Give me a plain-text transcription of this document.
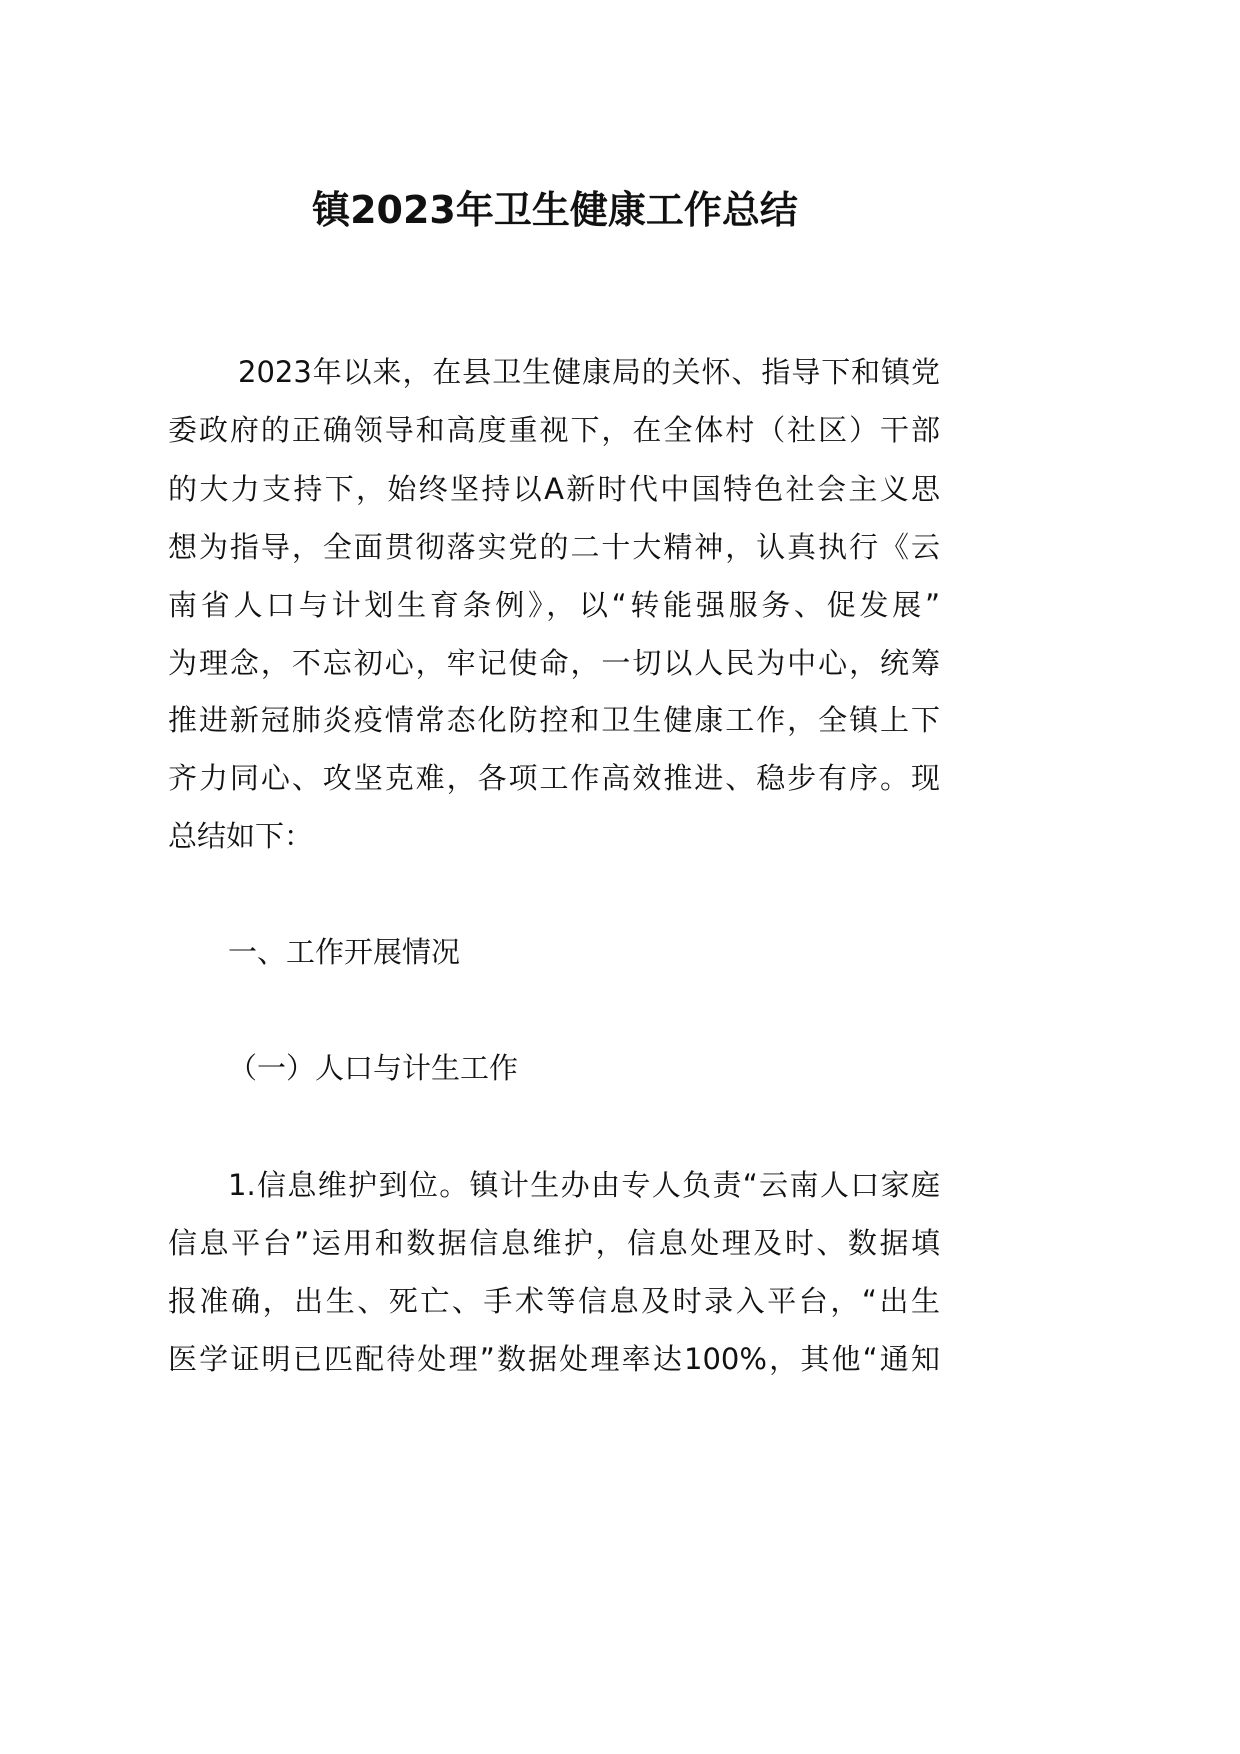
镇2023年卫生健康工作总结
2023年以来，在县卫生健康局的关怀、指导下和镇党
委政府的正确领导和高度重视下，在全体村（社区）干部
的大力支持下，始终坚持以A新时代中国特色社会主义思
想为指导，全面贯彻落实党的二十大精神，认真执行《云
南省人口与计划生育条例》，以“转能强服务、促发展”
为理念，不忘初心，牢记使命，一切以人民为中心，统筹
推进新冠肺炎疫情常态化防控和卫生健康工作，全镇上下
齐力同心、攻坚克难，各项工作高效推进、稳步有序。现
总结如下：
一、工作开展情况
（一）人口与计生工作
1.信息维护到位。镇计生办由专人负责“云南人口家庭
信息平台”运用和数据信息维护，信息处理及时、数据填
报准确，出生、死亡、手术等信息及时录入平台，“出生
医学证明已匹配待处理”数据处理率达100%，其他“通知
